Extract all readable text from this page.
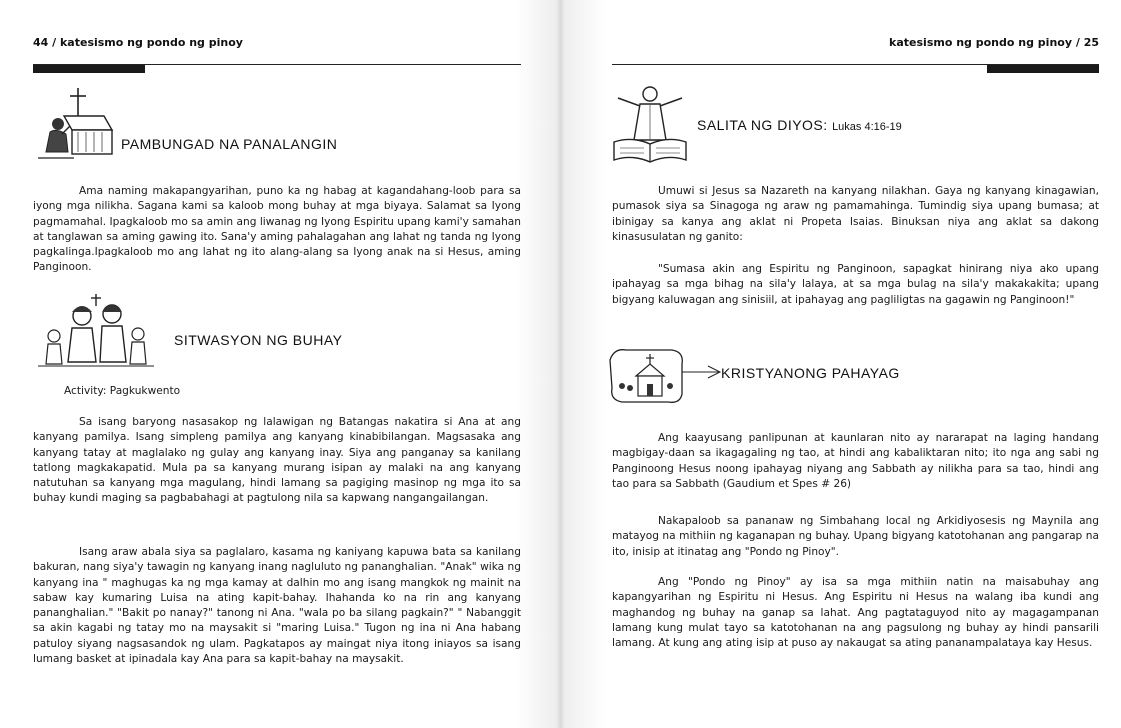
44 / katesismo ng pondo ng pinoy
PAMBUNGAD NA PANALANGIN

Ama naming makapangyarihan, puno ka ng habag at kagandahang-loob para sa iyong mga nilikha. Sagana kami sa kaloob mong buhay at mga biyaya. Salamat sa Iyong pagmamahal. Ipagkaloob mo sa amin ang liwanag ng Iyong Espiritu upang kami'y samahan at tanglawan sa aming gawing ito. Sana'y aming pahalagahan ang lahat ng tanda ng Iyong pagkalinga.Ipagkaloob mo ang lahat ng ito alang-alang sa Iyong anak na si Hesus, aming Panginoon.

SITWASYON NG BUHAY
Activity: Pagkukwento

Sa isang baryong nasasakop ng lalawigan ng Batangas nakatira si Ana at ang kanyang pamilya. Isang simpleng pamilya ang kanyang kinabibilangan. Magsasaka ang kanyang tatay at maglalako ng gulay ang kanyang inay. Siya ang panganay sa kanilang tatlong magkakapatid. Mula pa sa kanyang murang isipan ay malaki na ang kanyang natutuhan sa kanyang mga magulang, hindi lamang sa pagiging masinop ng mga ito sa buhay kundi maging sa pagbabahagi at pagtulong nila sa kapwang nangangailangan.

Isang araw abala siya sa paglalaro, kasama ng kaniyang kapuwa bata sa kanilang bakuran, nang siya'y tawagin ng kanyang inang nagluluto ng pananghalian. "Anak" wika ng kanyang ina " maghugas ka ng mga kamay at dalhin mo ang isang mangkok ng mainit na sabaw kay kumaring Luisa na ating kapit-bahay. Ihahanda ko na rin ang kanyang pananghalian." "Bakit po nanay?" tanong ni Ana. "wala po ba silang pagkain?" " Nabanggit sa akin kagabi ng tatay mo na maysakit si "maring Luisa." Tugon ng ina ni Ana habang patuloy siyang nagsasandok ng ulam. Pagkatapos ay maingat niya itong iniayos sa isang lumang basket at ipinadala kay Ana para sa kapit-bahay na maysakit.

katesismo ng pondo ng pinoy / 25
SALITA NG DIYOS: Lukas 4:16-19

Umuwi si Jesus sa Nazareth na kanyang nilakhan. Gaya ng kanyang kinagawian, pumasok siya sa Sinagoga ng araw ng pamamahinga. Tumindig siya upang bumasa; at ibinigay sa kanya ang aklat ni Propeta Isaias. Binuksan niya ang aklat sa dakong kinasusulatan ng ganito:

"Sumasa akin ang Espiritu ng Panginoon, sapagkat hinirang niya ako upang ipahayag sa mga bihag na sila'y lalaya, at sa mga bulag na sila'y makakakita; upang bigyang kaluwagan ang sinisiil, at ipahayag ang pagliligtas na gagawin ng Panginoon!"

KRISTYANONG PAHAYAG

Ang kaayusang panlipunan at kaunlaran nito ay nararapat na laging handang magbigay-daan sa ikagagaling ng tao, at hindi ang kabaliktaran nito; ito nga ang sabi ng Panginoong Hesus noong ipahayag niyang ang Sabbath ay nilikha para sa tao, hindi ang tao para sa Sabbath (Gaudium et Spes # 26)

Nakapaloob sa pananaw ng Simbahang local ng Arkidiyosesis ng Maynila ang matayog na mithiin ng kaganapan ng buhay. Upang bigyang katotohanan ang pangarap na ito, inisip at itinatag ang "Pondo ng Pinoy".

Ang "Pondo ng Pinoy" ay isa sa mga mithiin natin na maisabuhay ang kapangyarihan ng Espiritu ni Hesus. Ang Espiritu ni Hesus na walang iba kundi ang maghandog ng buhay na ganap sa lahat. Ang pagtataguyod nito ay magagampanan lamang kung mulat tayo sa katotohanan na ang pagsulong ng buhay ay hindi pansarili lamang. At kung ang ating isip at puso ay nakaugat sa ating pananampalataya kay Hesus.
